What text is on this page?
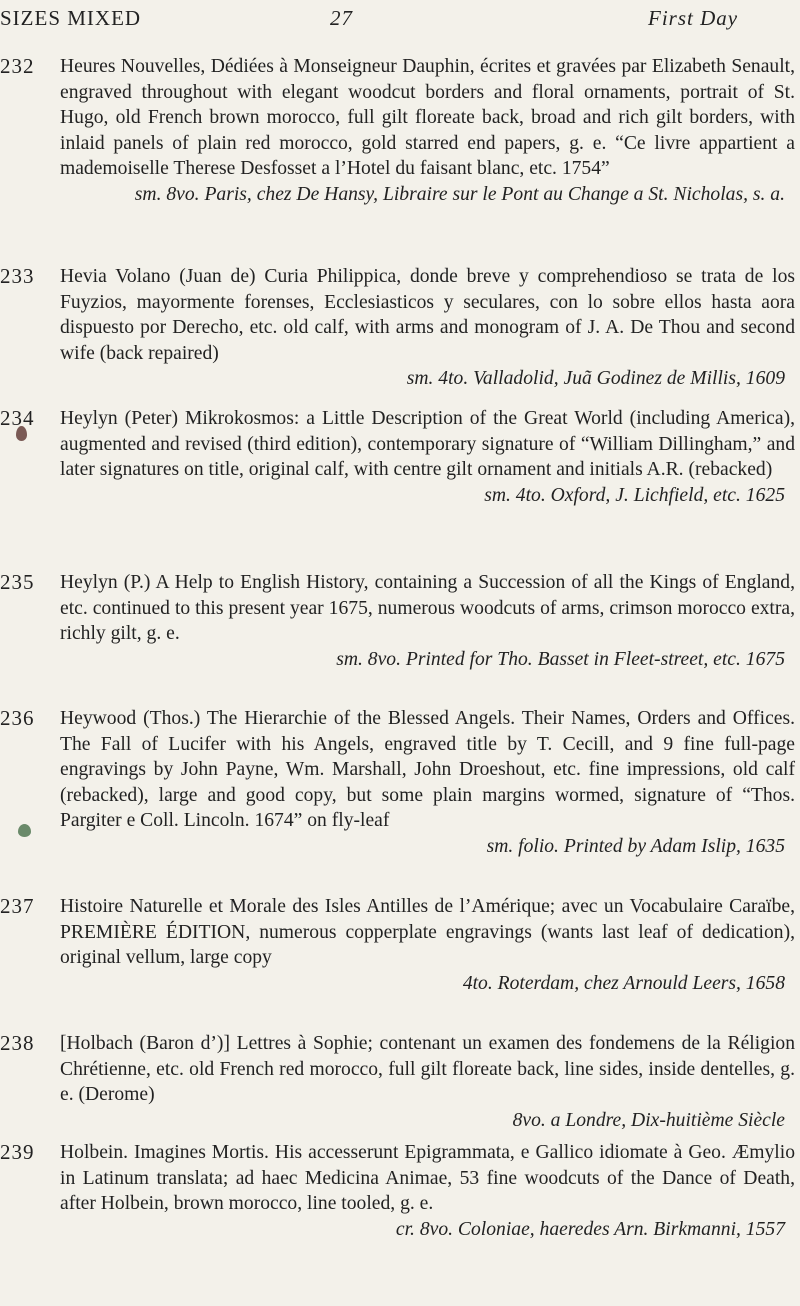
SIZES MIXED	27	First Day
232	Heures Nouvelles, Dédiées à Monseigneur Dauphin, écrites et gravées par Elizabeth Senault, engraved throughout with elegant woodcut borders and floral ornaments, portrait of St. Hugo, old French brown morocco, full gilt floreate back, broad and rich gilt borders, with inlaid panels of plain red morocco, gold starred end papers, g. e. “Ce livre appartient a mademoiselle Therese Desfosset a l’Hotel du faisant blanc, etc. 1754”
sm. 8vo. Paris, chez De Hansy, Libraire sur le Pont au Change a St. Nicholas, s. a.
233	Hevia Volano (Juan de) Curia Philippica, donde breve y comprehendioso se trata de los Fuyzios, mayormente forenses, Ecclesiasticos y seculares, con lo sobre ellos hasta aora dispuesto por Derecho, etc. old calf, with arms and monogram of J. A. De Thou and second wife (back repaired)
sm. 4to. Valladolid, Juã Godinez de Millis, 1609
234	Heylyn (Peter) Mikrokosmos: a Little Description of the Great World (including America), augmented and revised (third edition), contemporary signature of “William Dillingham,” and later signatures on title, original calf, with centre gilt ornament and initials A.R. (rebacked)
sm. 4to. Oxford, J. Lichfield, etc. 1625
235	Heylyn (P.) A Help to English History, containing a Succession of all the Kings of England, etc. continued to this present year 1675, numerous woodcuts of arms, crimson morocco extra, richly gilt, g. e.
sm. 8vo. Printed for Tho. Basset in Fleet-street, etc. 1675
236	Heywood (Thos.) The Hierarchie of the Blessed Angels. Their Names, Orders and Offices. The Fall of Lucifer with his Angels, engraved title by T. Cecill, and 9 fine full-page engravings by John Payne, Wm. Marshall, John Droeshout, etc. fine impressions, old calf (rebacked), large and good copy, but some plain margins wormed, signature of “Thos. Pargiter e Coll. Lincoln. 1674” on fly-leaf
sm. folio. Printed by Adam Islip, 1635
237	Histoire Naturelle et Morale des Isles Antilles de l’Amérique; avec un Vocabulaire Caraïbe, PREMIÈRE ÉDITION, numerous copperplate engravings (wants last leaf of dedication), original vellum, large copy
4to. Roterdam, chez Arnould Leers, 1658
238	[Holbach (Baron d’)] Lettres à Sophie; contenant un examen des fondemens de la Réligion Chrétienne, etc. old French red morocco, full gilt floreate back, line sides, inside dentelles, g. e. (Derome)
8vo. a Londre, Dix-huitième Siècle
239	Holbein. Imagines Mortis. His accesserunt Epigrammata, e Gallico idiomate à Geo. Æmylio in Latinum translata; ad haec Medicina Animae, 53 fine woodcuts of the Dance of Death, after Holbein, brown morocco, line tooled, g. e.
cr. 8vo. Coloniae, haeredes Arn. Birkmanni, 1557
